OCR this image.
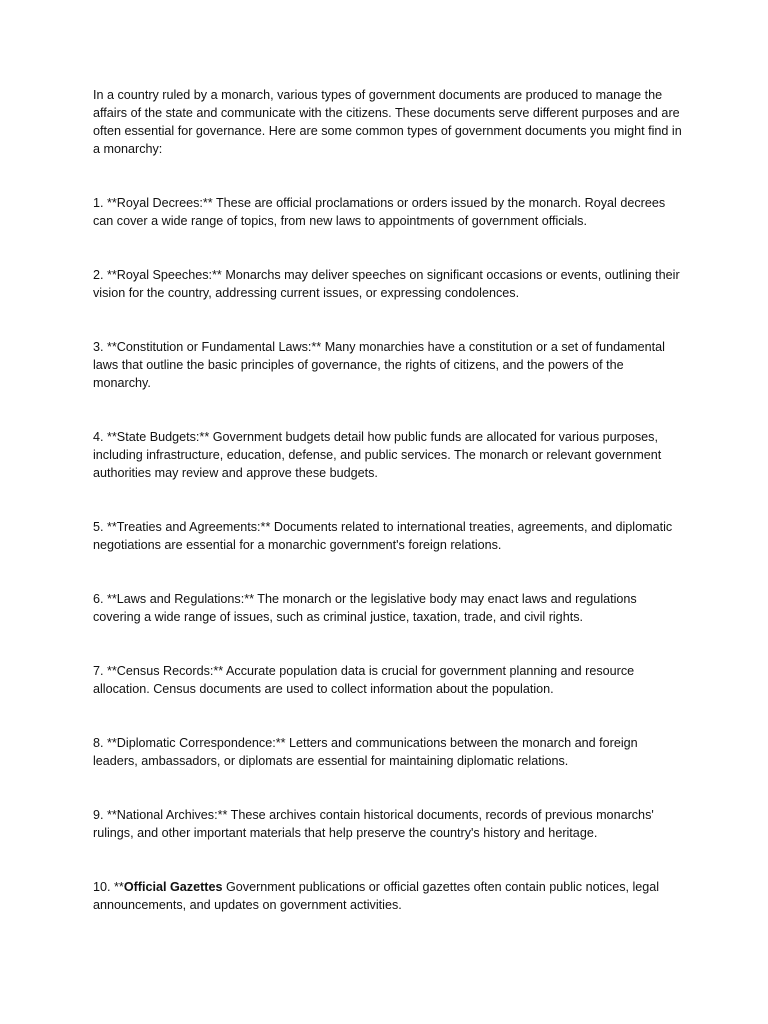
In a country ruled by a monarch, various types of government documents are produced to manage the affairs of the state and communicate with the citizens. These documents serve different purposes and are often essential for governance. Here are some common types of government documents you might find in a monarchy:

1. **Royal Decrees:** These are official proclamations or orders issued by the monarch. Royal decrees can cover a wide range of topics, from new laws to appointments of government officials.

2. **Royal Speeches:** Monarchs may deliver speeches on significant occasions or events, outlining their vision for the country, addressing current issues, or expressing condolences.

3. **Constitution or Fundamental Laws:** Many monarchies have a constitution or a set of fundamental laws that outline the basic principles of governance, the rights of citizens, and the powers of the monarchy.

4. **State Budgets:** Government budgets detail how public funds are allocated for various purposes, including infrastructure, education, defense, and public services. The monarch or relevant government authorities may review and approve these budgets.

5. **Treaties and Agreements:** Documents related to international treaties, agreements, and diplomatic negotiations are essential for a monarchic government's foreign relations.

6. **Laws and Regulations:** The monarch or the legislative body may enact laws and regulations covering a wide range of issues, such as criminal justice, taxation, trade, and civil rights.

7. **Census Records:** Accurate population data is crucial for government planning and resource allocation. Census documents are used to collect information about the population.

8. **Diplomatic Correspondence:** Letters and communications between the monarch and foreign leaders, ambassadors, or diplomats are essential for maintaining diplomatic relations.

9. **National Archives:** These archives contain historical documents, records of previous monarchs' rulings, and other important materials that help preserve the country's history and heritage.

10. **Official Gazettes Government publications or official gazettes often contain public notices, legal announcements, and updates on government activities.
